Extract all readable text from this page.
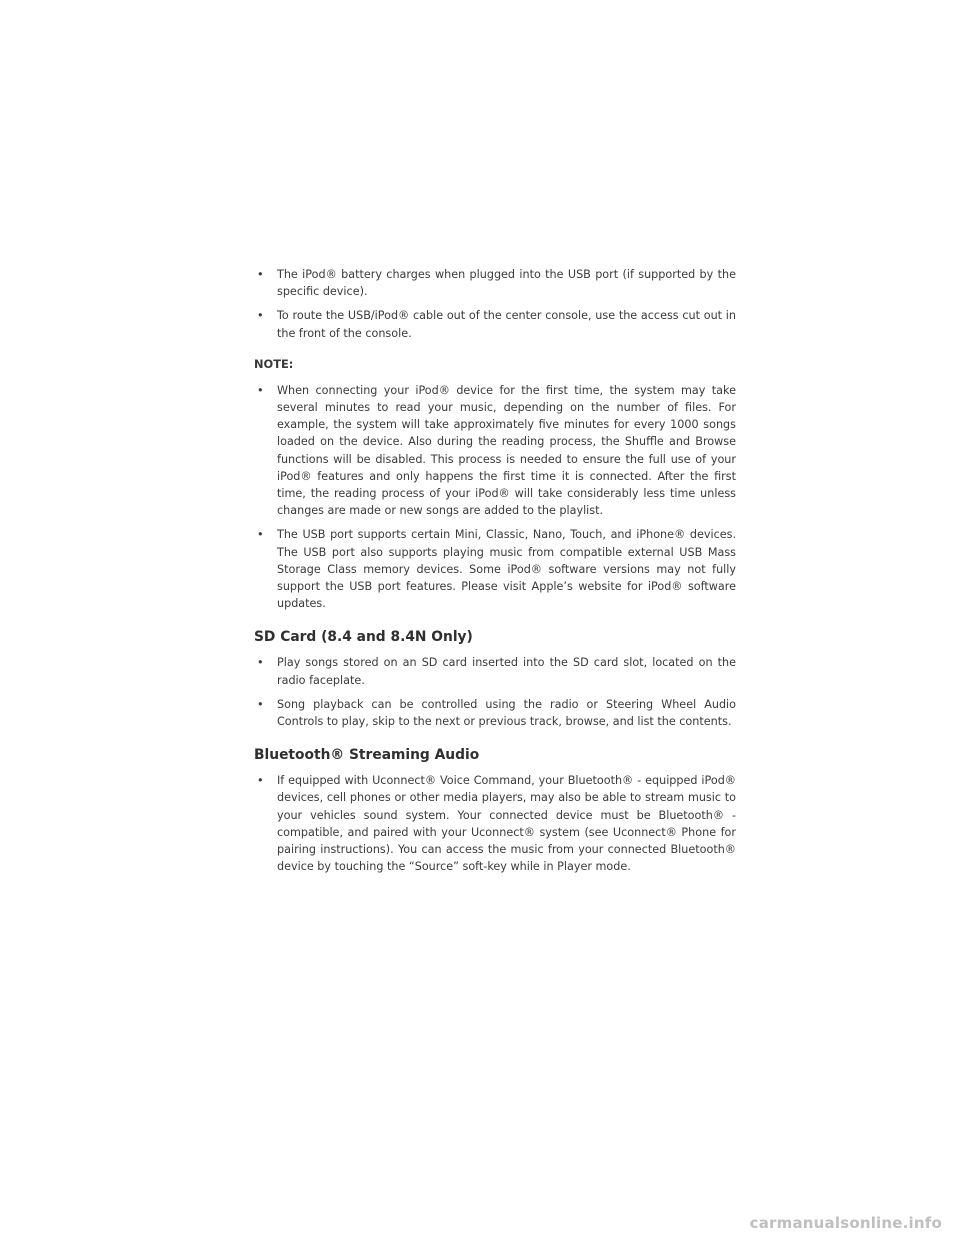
• The iPod® battery charges when plugged into the USB port (if supported by the specific device).
• To route the USB/iPod® cable out of the center console, use the access cut out in the front of the console.
NOTE:
• When connecting your iPod® device for the first time, the system may take several minutes to read your music, depending on the number of files. For example, the system will take approximately five minutes for every 1000 songs loaded on the device. Also during the reading process, the Shuffle and Browse functions will be disabled. This process is needed to ensure the full use of your iPod® features and only happens the first time it is connected. After the first time, the reading process of your iPod® will take considerably less time unless changes are made or new songs are added to the playlist.
• The USB port supports certain Mini, Classic, Nano, Touch, and iPhone® devices. The USB port also supports playing music from compatible external USB Mass Storage Class memory devices. Some iPod® software versions may not fully support the USB port features. Please visit Apple’s website for iPod® software updates.
SD Card (8.4 and 8.4N Only)
• Play songs stored on an SD card inserted into the SD card slot, located on the radio faceplate.
• Song playback can be controlled using the radio or Steering Wheel Audio Controls to play, skip to the next or previous track, browse, and list the contents.
Bluetooth® Streaming Audio
• If equipped with Uconnect® Voice Command, your Bluetooth® - equipped iPod® devices, cell phones or other media players, may also be able to stream music to your vehicles sound system. Your connected device must be Bluetooth® - compatible, and paired with your Uconnect® system (see Uconnect® Phone for pairing instructions). You can access the music from your connected Bluetooth® device by touching the “Source” soft-key while in Player mode.
carmanualsonline.info
